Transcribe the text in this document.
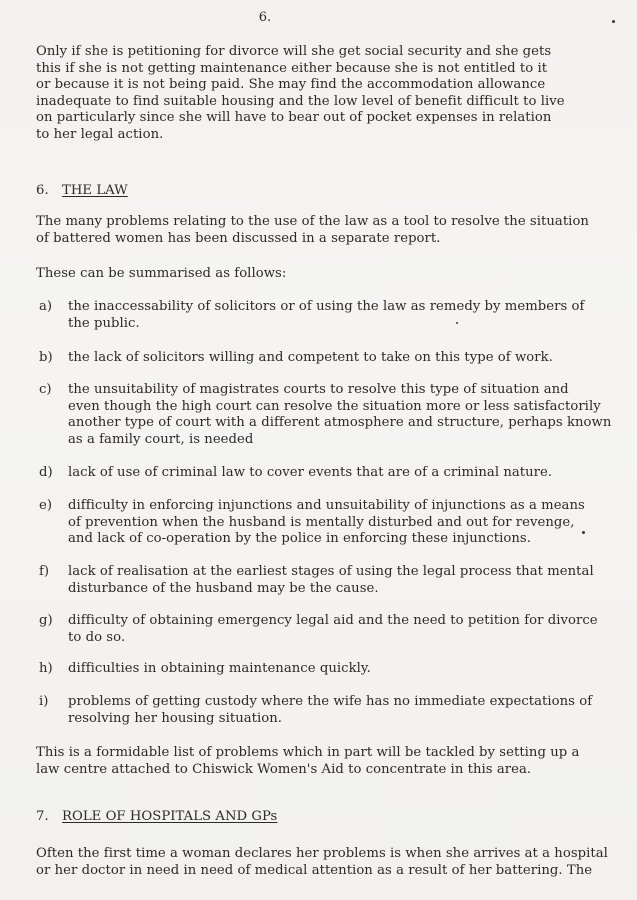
6.
Only if she is petitioning for divorce will she get social security and she gets
this if she is not getting maintenance either because she is not entitled to it
or because it is not being paid. She may find the accommodation allowance
inadequate to find suitable housing and the low level of benefit difficult to live
on particularly since she will have to bear out of pocket expenses in relation
to her legal action.
6. THE LAW
The many problems relating to the use of the law as a tool to resolve the situation
of battered women has been discussed in a separate report.
These can be summarised as follows:
a) the inaccessability of solicitors or of using the law as remedy by members of
the public.
b) the lack of solicitors willing and competent to take on this type of work.
c) the unsuitability of magistrates courts to resolve this type of situation and
even though the high court can resolve the situation more or less satisfactorily
another type of court with a different atmosphere and structure, perhaps known
as a family court, is needed
d) lack of use of criminal law to cover events that are of a criminal nature.
e) difficulty in enforcing injunctions and unsuitability of injunctions as a means
of prevention when the husband is mentally disturbed and out for revenge,
and lack of co-operation by the police in enforcing these injunctions.
f) lack of realisation at the earliest stages of using the legal process that mental
disturbance of the husband may be the cause.
g) difficulty of obtaining emergency legal aid and the need to petition for divorce
to do so.
h) difficulties in obtaining maintenance quickly.
i) problems of getting custody where the wife has no immediate expectations of
resolving her housing situation.
This is a formidable list of problems which in part will be tackled by setting up a
law centre attached to Chiswick Women's Aid to concentrate in this area.
7. ROLE OF HOSPITALS AND GPs
Often the first time a woman declares her problems is when she arrives at a hospital
or her doctor in need in need of medical attention as a result of her battering. The
